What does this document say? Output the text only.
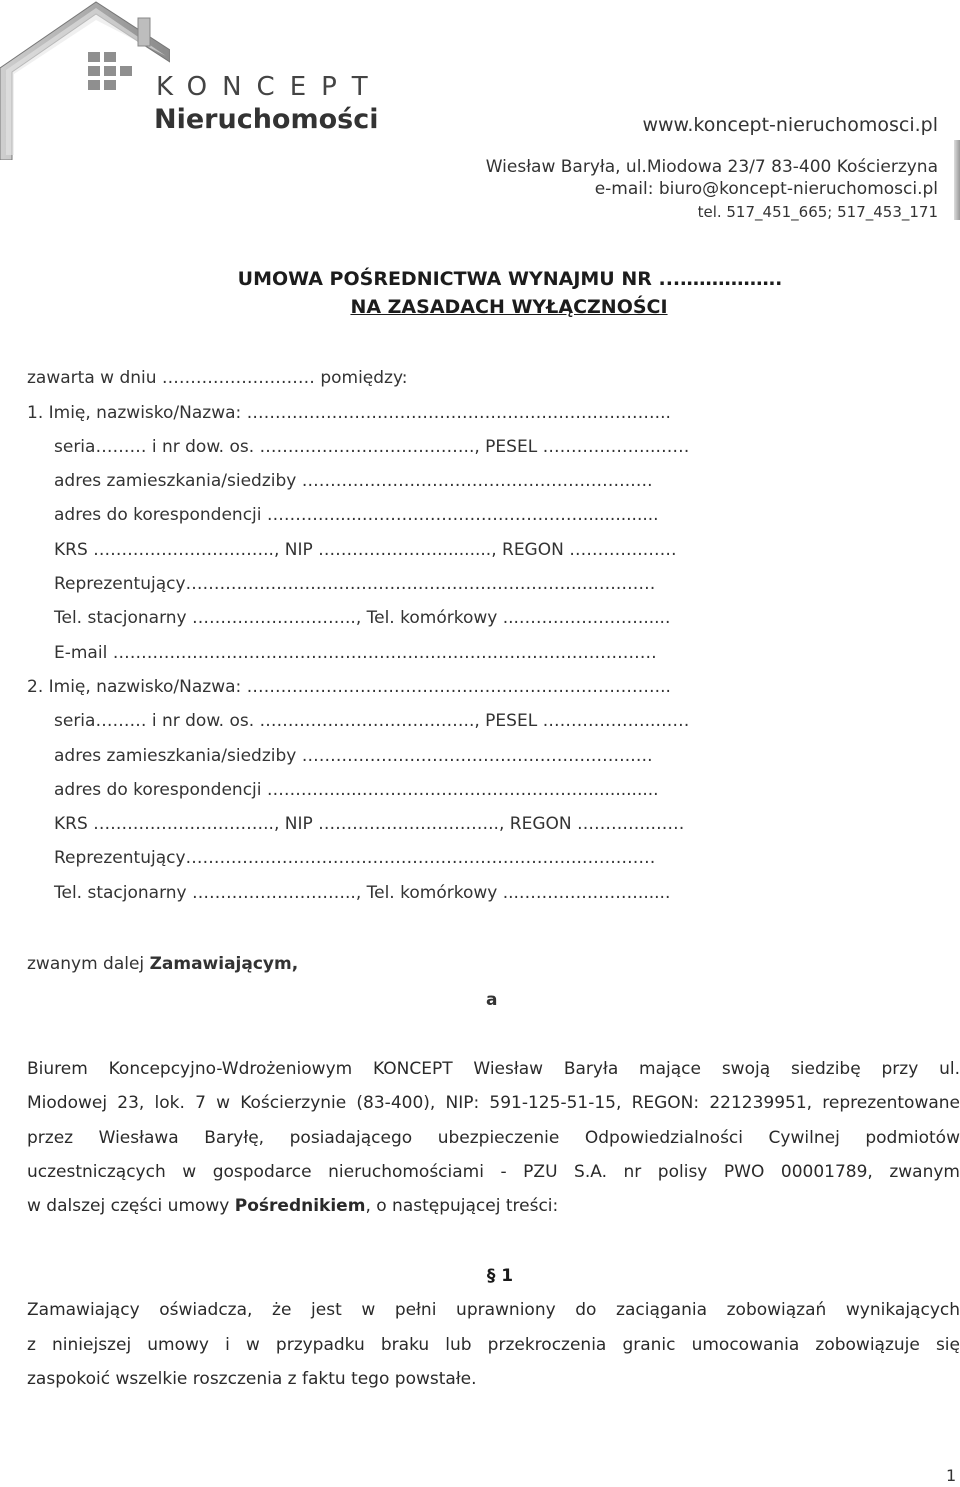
KONCEPT
Nieruchomości	www.koncept-nieruchomosci.pl
Wiesław Baryła, ul.Miodowa 23/7 83-400 Kościerzyna
e-mail: biuro@koncept-nieruchomosci.pl
tel. 517_451_665; 517_453_171
UMOWA POŚREDNICTWA WYNAJMU NR ...…………….
NA ZASADACH WYŁĄCZNOŚCI
zawarta w dniu ……………………… pomiędzy:
1. Imię, nazwisko/Nazwa: ………………………………………………………………...
seria……… i nr dow. os. ……………………………….., PESEL ………………..……
adres zamieszkania/siedziby ………………………………………………….….
adres do korespondencji ………….....…………………………………..............
KRS ………………………….., NIP ………………….........., REGON ………….……
Reprezentujący…………………………………………………………….…….……
Tel. stacjonarny ……………………….., Tel. komórkowy ...…………………......
E-mail ……………………………………………………………………………………
2. Imię, nazwisko/Nazwa: ………………………………………………………………...
seria……… i nr dow. os. ……………………………….., PESEL ………………..……
adres zamieszkania/siedziby ………………………………………………….….
adres do korespondencji ………….....…………………………………..............
KRS ………………………….., NIP ………………………….., REGON ………….……
Reprezentujący…………………………………………………………….…….……
Tel. stacjonarny ……………………….., Tel. komórkowy ...…………………......
zwanym dalej Zamawiającym,
a
Biurem Koncepcyjno-Wdrożeniowym KONCEPT Wiesław Baryła mające swoją siedzibę przy ul.
Miodowej 23, lok. 7 w Kościerzynie (83-400), NIP: 591-125-51-15, REGON: 221239951, reprezentowane
przez Wiesława Baryłę, posiadającego ubezpieczenie Odpowiedzialności Cywilnej podmiotów
uczestniczących w gospodarce nieruchomościami - PZU S.A. nr polisy PWO 00001789, zwanym
w dalszej części umowy Pośrednikiem, o następującej treści:
§ 1
Zamawiający oświadcza, że jest w pełni uprawniony do zaciągania zobowiązań wynikających
z niniejszej umowy i w przypadku braku lub przekroczenia granic umocowania zobowiązuje się
zaspokoić wszelkie roszczenia z faktu tego powstałe.
1
